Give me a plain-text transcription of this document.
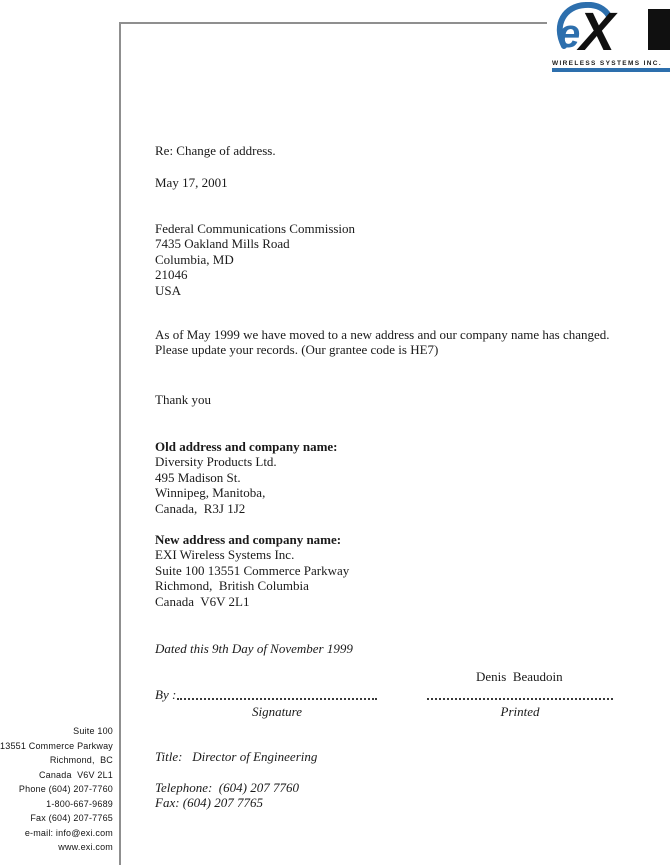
e
X
WIRELESS SYSTEMS INC.
Re: Change of address.
May 17, 2001
Federal Communications Commission
7435 Oakland Mills Road
Columbia, MD
21046
USA
As of May 1999 we have moved to a new address and our company name has changed.
Please update your records. (Our grantee code is HE7)
Thank you
Old address and company name:
Diversity Products Ltd.
495 Madison St.
Winnipeg, Manitoba,
Canada,  R3J 1J2
New address and company name:
EXI Wireless Systems Inc.
Suite 100 13551 Commerce Parkway
Richmond,  British Columbia
Canada  V6V 2L1
Dated this 9th Day of November 1999
Denis  Beaudoin
By :
Signature	Printed
Title:   Director of Engineering
Telephone:  (604) 207 7760
Fax: (604) 207 7765
Suite 100
13551 Commerce Parkway
Richmond,  BC
Canada  V6V 2L1
Phone (604) 207-7760
1-800-667-9689
Fax (604) 207-7765
e-mail: info@exi.com
www.exi.com
